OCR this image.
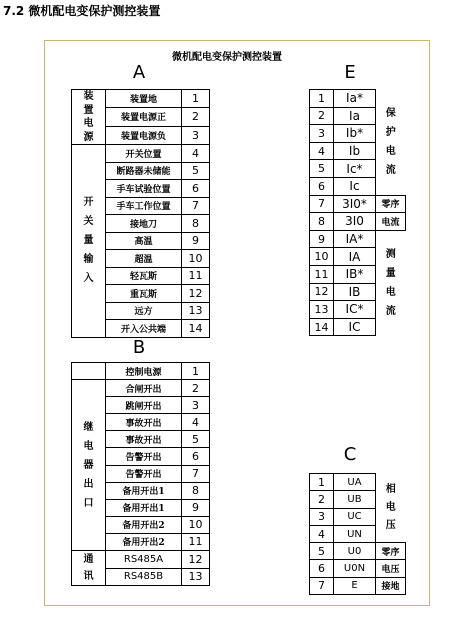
7.2 微机配电变保护测控装置
微机配电变保护测控装置
A
B
E
C
装置电源	装置地	1
	装置电源正	2
	装置电源负	3
开关量输入	开关位置	4
	断路器未储能	5
	手车试验位置	6
	手车工作位置	7
	接地刀	8
	高温	9
	超温	10
	轻瓦斯	11
	重瓦斯	12
	远方	13
	开入公共端	14
	控制电源	1
继电器出口	合闸开出	2
	跳闸开出	3
	事故开出	4
	事故开出	5
	告警开出	6
	告警开出	7
	备用开出1	8
	备用开出1	9
	备用开出2	10
	备用开出2	11
通讯	RS485A	12
	RS485B	13
1	Ia*	保护电流
2	Ia	
3	Ib*	
4	Ib	
5	Ic*	
6	Ic	
7	3I0*	零序
8	3I0	电流
9	IA*	测量电流
10	IA	
11	IB*	
12	IB	
13	IC*	
14	IC	
1	UA	相电压
2	UB	
3	UC	
4	UN	
5	U0	零序
6	U0N	电压
7	E	接地
